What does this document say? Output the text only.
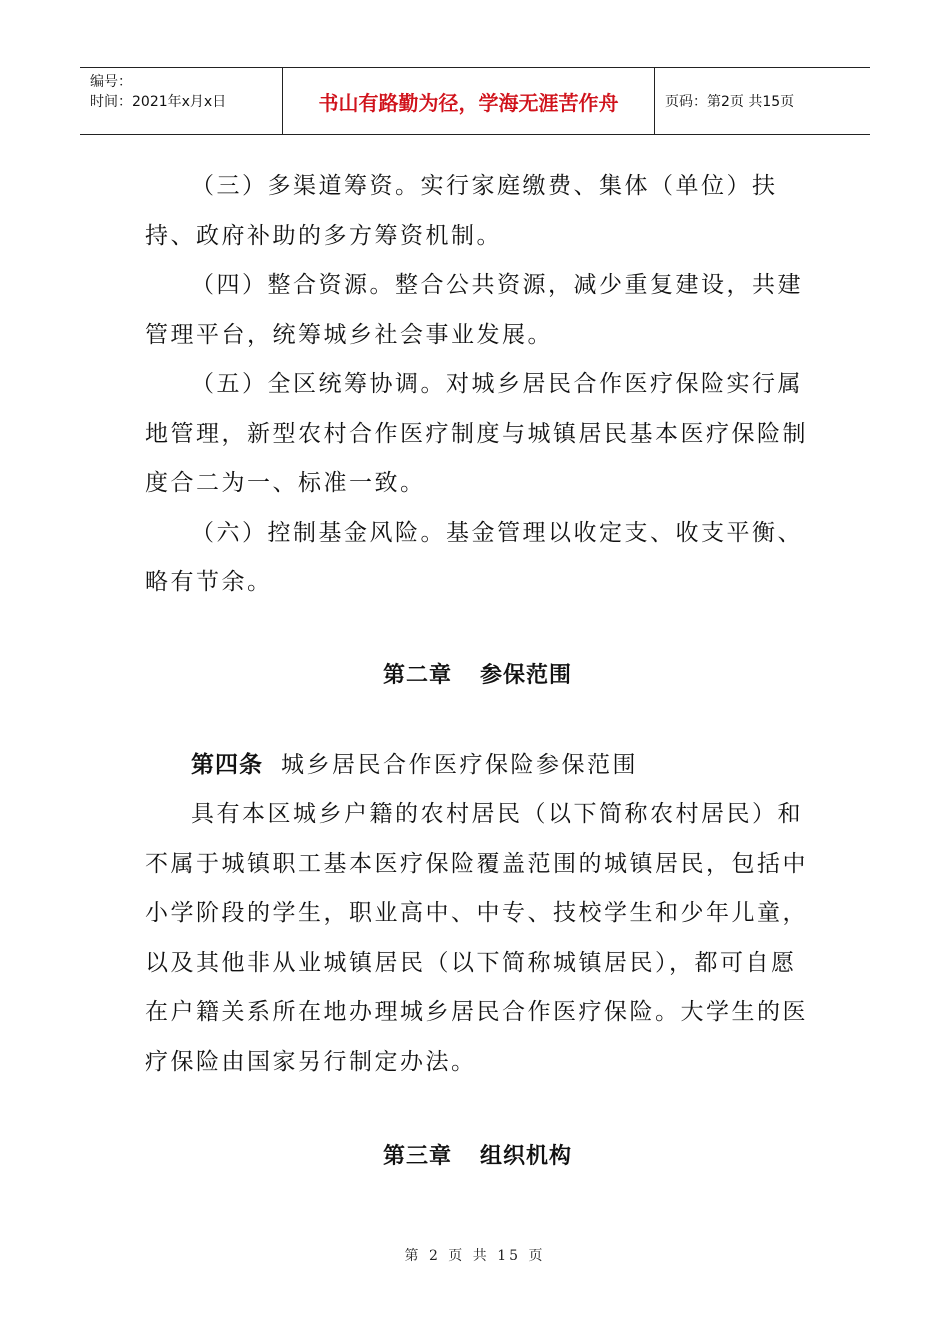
编号：
时间：2021年x月x日	书山有路勤为径，学海无涯苦作舟	页码：第2页 共15页

（三）多渠道筹资。实行家庭缴费、集体（单位）扶持、政府补助的多方筹资机制。

（四）整合资源。整合公共资源，减少重复建设，共建管理平台，统筹城乡社会事业发展。

（五）全区统筹协调。对城乡居民合作医疗保险实行属地管理，新型农村合作医疗制度与城镇居民基本医疗保险制度合二为一、标准一致。

（六）控制基金风险。基金管理以收定支、收支平衡、略有节余。

第二章 参保范围

第四条 城乡居民合作医疗保险参保范围

具有本区城乡户籍的农村居民（以下简称农村居民）和不属于城镇职工基本医疗保险覆盖范围的城镇居民，包括中小学阶段的学生，职业高中、中专、技校学生和少年儿童，以及其他非从业城镇居民（以下简称城镇居民），都可自愿在户籍关系所在地办理城乡居民合作医疗保险。大学生的医疗保险由国家另行制定办法。

第三章 组织机构
第 2 页 共 15 页
